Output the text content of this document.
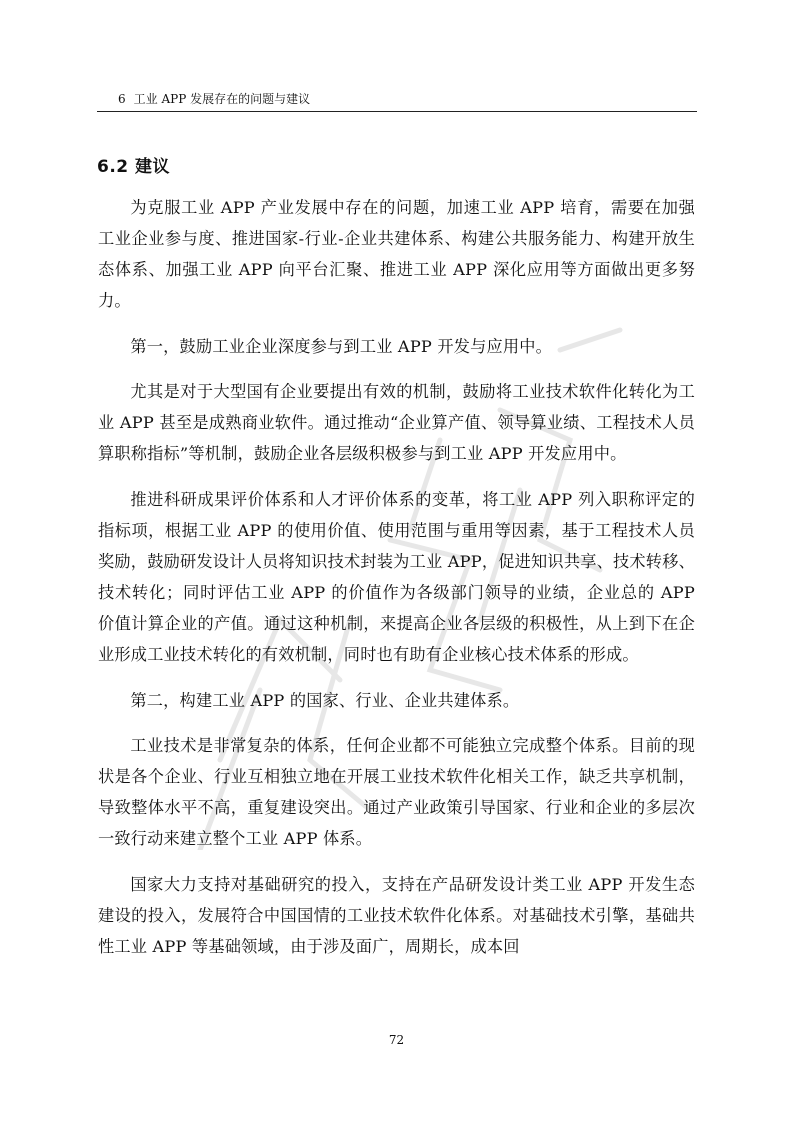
6 工业 APP 发展存在的问题与建议
6.2 建议

为克服工业 APP 产业发展中存在的问题，加速工业 APP 培育，需要在加强工业企业参与度、推进国家-行业-企业共建体系、构建公共服务能力、构建开放生态体系、加强工业 APP 向平台汇聚、推进工业 APP 深化应用等方面做出更多努力。

第一，鼓励工业企业深度参与到工业 APP 开发与应用中。

尤其是对于大型国有企业要提出有效的机制，鼓励将工业技术软件化转化为工业 APP 甚至是成熟商业软件。通过推动“企业算产值、领导算业绩、工程技术人员算职称指标”等机制，鼓励企业各层级积极参与到工业 APP 开发应用中。

推进科研成果评价体系和人才评价体系的变革，将工业 APP 列入职称评定的指标项，根据工业 APP 的使用价值、使用范围与重用等因素，基于工程技术人员奖励，鼓励研发设计人员将知识技术封装为工业 APP，促进知识共享、技术转移、技术转化；同时评估工业 APP 的价值作为各级部门领导的业绩，企业总的 APP 价值计算企业的产值。通过这种机制，来提高企业各层级的积极性，从上到下在企业形成工业技术转化的有效机制，同时也有助有企业核心技术体系的形成。

第二，构建工业 APP 的国家、行业、企业共建体系。

工业技术是非常复杂的体系，任何企业都不可能独立完成整个体系。目前的现状是各个企业、行业互相独立地在开展工业技术软件化相关工作，缺乏共享机制，导致整体水平不高，重复建设突出。通过产业政策引导国家、行业和企业的多层次一致行动来建立整个工业 APP 体系。

国家大力支持对基础研究的投入，支持在产品研发设计类工业 APP 开发生态建设的投入，发展符合中国国情的工业技术软件化体系。对基础技术引擎，基础共性工业 APP 等基础领域，由于涉及面广，周期长，成本回

72
